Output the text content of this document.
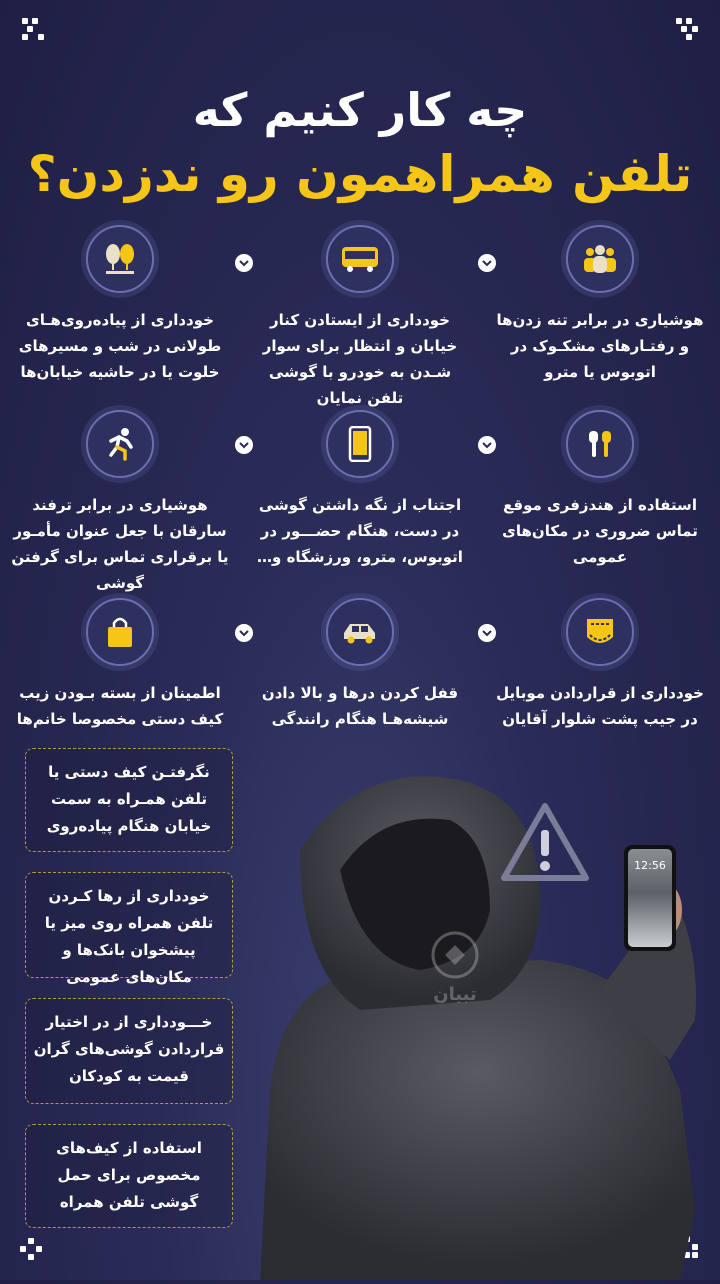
چه کار کنیم که
تلفن همراهمون رو ندزدن؟
هوشیاری در برابر تنه زدن‌ها و رفتـارهای مشکـوک در اتوبوس یا مترو
خودداری از ایستادن کنار خیابان و انتظار برای سوار شـدن به خودرو با گوشی تلفن نمایان
خودداری از پیاده‌روی‌هـای طولانی در شب و مسیرهای خلوت یا در حاشیه خیابان‌ها
استفاده از هندزفری موقع تماس ضروری در مکان‌های عمومی
اجتناب از نگه داشتن گوشی در دست، هنگام حضـــور در اتوبوس، مترو، ورزشگاه و…
هوشیاری در برابر ترفند سارقان با جعل عنوان مأمـور یا برقراری تماس برای گرفتن گوشی
خودداری از قراردادن موبایل در جیب پشت شلوار آقایان
قفل کردن درها و بالا دادن شیشه‌هـا هنگام رانندگی
اطمینان از بسته بـودن زیب کیف دستی مخصوصا خانم‌ها
تبیان
12:56
نگرفتـن کیف دستی یا تلفن همـراه به سمت خیابان هنگام پیاده‌روی
خودداری از رها کـردن تلفن همراه روی میز یا پیشخوان بانک‌ها و مکان‌های عمومی
خـــودداری از در اختیار قراردادن گوشی‌های گران قیمت به کودکان
استفاده از کیف‌های مخصوص برای حمل گوشی تلفن همراه
